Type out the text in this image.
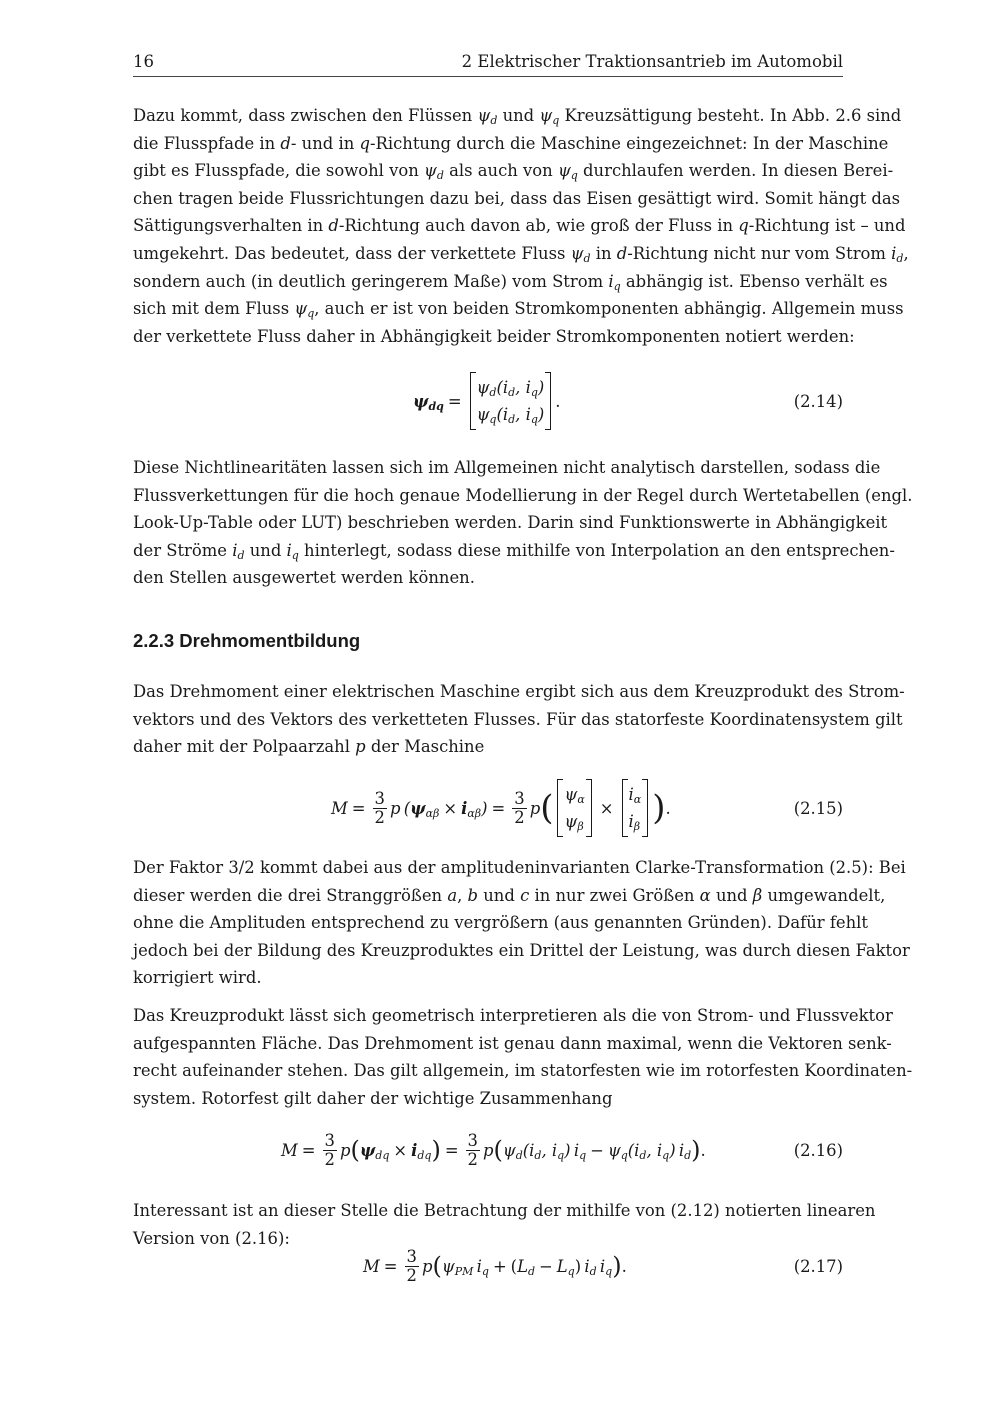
16	2 Elektrischer Traktionsantrieb im Automobil
Dazu kommt, dass zwischen den Flüssen $\psi_d$ und $\psi_q$ Kreuzsättigung besteht. In Abb. 2.6 sind
die Flusspfade in d- und in q-Richtung durch die Maschine eingezeichnet: In der Maschine
gibt es Flusspfade, die sowohl von $\psi_d$ als auch von $\psi_q$ durchlaufen werden. In diesen Berei-
chen tragen beide Flussrichtungen dazu bei, dass das Eisen gesättigt wird. Somit hängt das
Sättigungsverhalten in d-Richtung auch davon ab, wie groß der Fluss in q-Richtung ist – und
umgekehrt. Das bedeutet, dass der verkettete Fluss $\psi_d$ in d-Richtung nicht nur vom Strom $i_d$,
sondern auch (in deutlich geringerem Maße) vom Strom $i_q$ abhängig ist. Ebenso verhält es
sich mit dem Fluss $\psi_q$, auch er ist von beiden Stromkomponenten abhängig. Allgemein muss
der verkettete Fluss daher in Abhängigkeit beider Stromkomponenten notiert werden:
$\psi_{dq}$ =
$\psi_d(i_d$, $i_q$)
$\psi_q(i_d$, $i_q$)
.	(2.14)
Diese Nichtlinearitäten lassen sich im Allgemeinen nicht analytisch darstellen, sodass die
Flussverkettungen für die hoch genaue Modellierung in der Regel durch Wertetabellen (engl.
Look-Up-Table oder LUT) beschrieben werden. Darin sind Funktionswerte in Abhängigkeit
der Ströme $i_d$ und $i_q$ hinterlegt, sodass diese mithilfe von Interpolation an den entsprechen-
den Stellen ausgewertet werden können.
2.2.3 Drehmomentbildung
Das Drehmoment einer elektrischen Maschine ergibt sich aus dem Kreuzprodukt des Strom-
vektors und des Vektors des verketteten Flusses. Für das statorfeste Koordinatensystem gilt
daher mit der Polpaarzahl p der Maschine
$M = \frac{3}{2}$ p ( ψ $_{\alpha\beta}$ × i $_{\alpha\beta}) = \frac{3}{2}$ p ( $\psi_\alpha$
$\psi_\beta$
×
$i_\alpha$
$i_\beta$ ) .	(2.15)
Der Faktor 3/2 kommt dabei aus der amplitudeninvarianten Clarke-Transformation (2.5): Bei
dieser werden die drei Stranggrößen a, b und c in nur zwei Größen α und β umgewandelt,
ohne die Amplituden entsprechend zu vergrößern (aus genannten Gründen). Dafür fehlt
jedoch bei der Bildung des Kreuzproduktes ein Drittel der Leistung, was durch diesen Faktor
korrigiert wird.
Das Kreuzprodukt lässt sich geometrisch interpretieren als die von Strom- und Flussvektor
aufgespannten Fläche. Das Drehmoment ist genau dann maximal, wenn die Vektoren senk-
recht aufeinander stehen. Das gilt allgemein, im statorfesten wie im rotorfesten Koordinaten-
system. Rotorfest gilt daher der wichtige Zusammenhang
$M = \frac{3}{2}$ p ( ψ $_{dq}$ × i $_{dq}$ ) = $\frac{3}{2}$ p ( $\psi_d(i_d$, $i_q$) $i_q - \psi_q(i_d$, $i_q$) $i_d$ ) .	(2.16)
Interessant ist an dieser Stelle die Betrachtung der mithilfe von (2.12) notierten linearen
Version von (2.16):
$M = \frac{3}{2}$ p ( $\psi_{PM}$ $i_q$ + ( $L_d - L_q$ )  $i_d$ $i_q$ ) .	(2.17)
